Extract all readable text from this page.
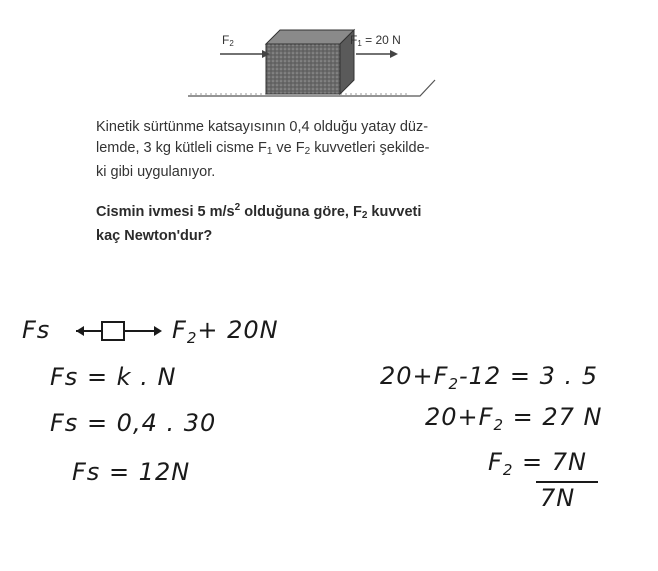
F2	F1 = 20 N

Kinetik sürtünme katsayısının 0,4 olduğu yatay düz-

lemde, 3 kg kütleli cisme $F_1$ ve $F_2$ kuvvetleri şekilde-

ki gibi uygulanıyor.

Cismin ivmesi 5 $m/s^2$ olduğuna göre, $F_2$ kuvveti

kaç Newton'dur?

Fs	$F_2+ 20N$
Fs = k . N
Fs = 0,4 . 30
Fs = 12N
$20+F_2-12 = 3$ . 5
$20+F_2 = 27$ N
$F_2 = 7N$
7N
